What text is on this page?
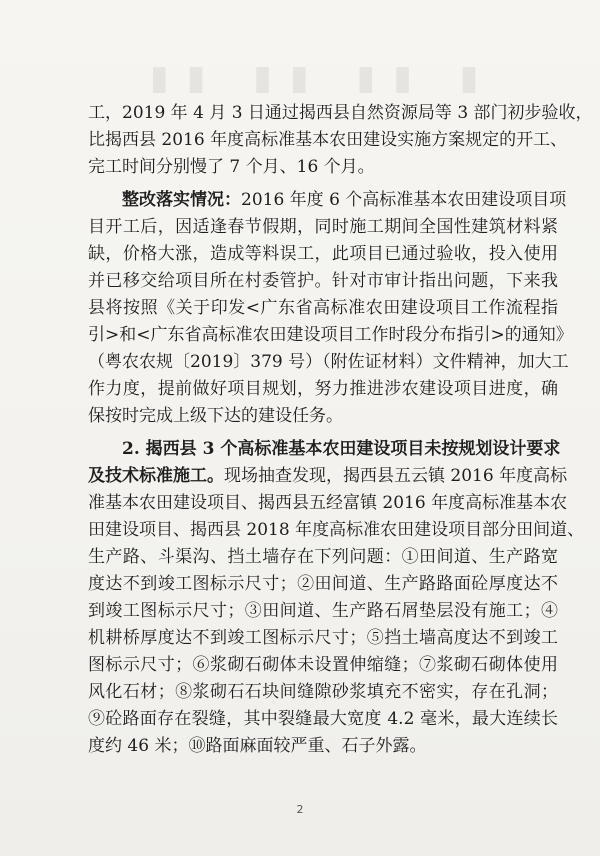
▮▮ ▮▮ ▮▮ ▮
工，2019 年 4 月 3 日通过揭西县自然资源局等 3 部门初步验收，
比揭西县 2016 年度高标准基本农田建设实施方案规定的开工、
完工时间分别慢了 7 个月、16 个月。
整改落实情况：2016 年度 6 个高标准基本农田建设项目项
目开工后，因适逢春节假期，同时施工期间全国性建筑材料紧
缺，价格大涨，造成等料误工，此项目已通过验收，投入使用
并已移交给项目所在村委管护。针对市审计指出问题，下来我
县将按照《关于印发<广东省高标准农田建设项目工作流程指
引>和<广东省高标准农田建设项目工作时段分布指引>的通知》
（粤农农规〔2019〕379 号）（附佐证材料）文件精神，加大工
作力度，提前做好项目规划，努力推进涉农建设项目进度，确
保按时完成上级下达的建设任务。
2. 揭西县 3 个高标准基本农田建设项目未按规划设计要求
及技术标准施工。现场抽查发现，揭西县五云镇 2016 年度高标
准基本农田建设项目、揭西县五经富镇 2016 年度高标准基本农
田建设项目、揭西县 2018 年度高标准农田建设项目部分田间道、
生产路、斗渠沟、挡土墙存在下列问题：①田间道、生产路宽
度达不到竣工图标示尺寸；②田间道、生产路路面砼厚度达不
到竣工图标示尺寸；③田间道、生产路石屑垫层没有施工；④
机耕桥厚度达不到竣工图标示尺寸；⑤挡土墙高度达不到竣工
图标示尺寸；⑥浆砌石砌体未设置伸缩缝；⑦浆砌石砌体使用
风化石材；⑧浆砌石石块间缝隙砂浆填充不密实，存在孔洞；
⑨砼路面存在裂缝，其中裂缝最大宽度 4.2 毫米，最大连续长
度约 46 米；⑩路面麻面较严重、石子外露。
2
